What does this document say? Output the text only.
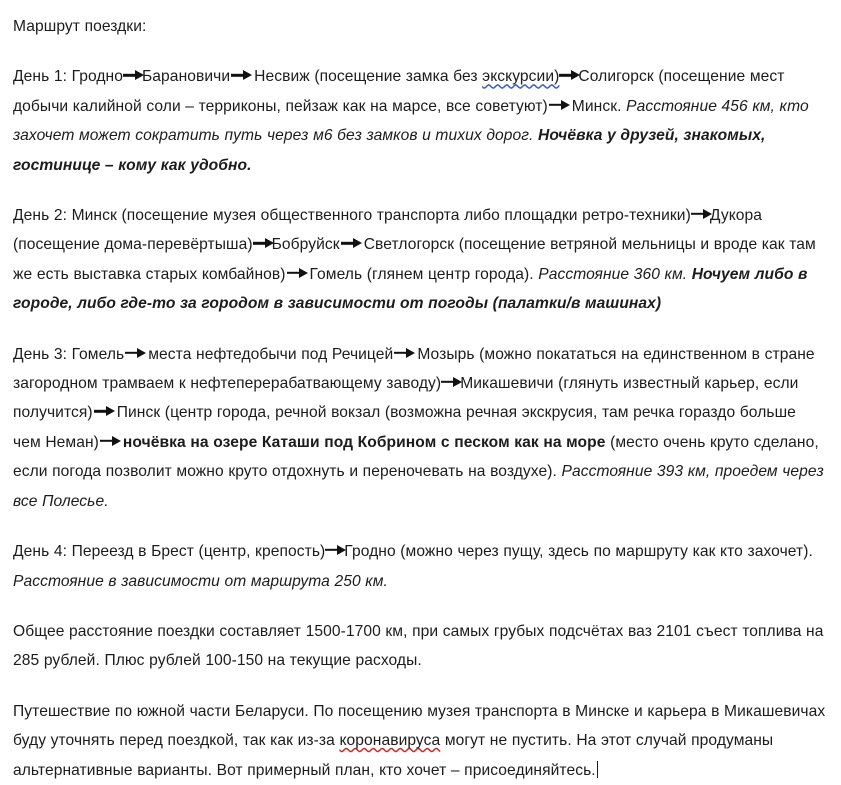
Маршрут поездки:

День 1: Гродно Барановичи Несвиж (посещение замка без экскурсии) Солигорск (посещение мест добычи калийной соли – терриконы, пейзаж как на марсе, все советуют) Минск. Расстояние 456 км, кто захочет может сократить путь через м6 без замков и тихих дорог. Ночёвка у друзей, знакомых, гостинице – кому как удобно.

День 2: Минск (посещение музея общественного транспорта либо площадки ретро-техники) Дукора (посещение дома-перевёртыша) Бобруйск Светлогорск (посещение ветряной мельницы и вроде как там же есть выставка старых комбайнов) Гомель (глянем центр города). Расстояние 360 км. Ночуем либо в городе, либо где-то за городом в зависимости от погоды (палатки/в машинах)

День 3: Гомель места нефтедобычи под Речицей Мозырь (можно покататься на единственном в стране загородном трамваем к нефтеперерабатвающему заводу) Микашевичи (глянуть известный карьер, если получится) Пинск (центр города, речной вокзал (возможна речная экскрусия, там речка гораздо больше чем Неман) ночёвка на озере Каташи под Кобрином с песком как на море (место очень круто сделано, если погода позволит можно круто отдохнуть и переночевать на воздухе). Расстояние 393 км, проедем через все Полесье.

День 4: Переезд в Брест (центр, крепость) Гродно (можно через пущу, здесь по маршруту как кто захочет). Расстояние в зависимости от маршрута 250 км.

Общее расстояние поездки составляет 1500-1700 км, при самых грубых подсчётах ваз 2101 съест топлива на 285 рублей. Плюс рублей 100-150 на текущие расходы.

Путешествие по южной части Беларуси. По посещению музея транспорта в Минске и карьера в Микашевичах буду уточнять перед поездкой, так как из-за коронавируса могут не пустить. На этот случай продуманы альтернативные варианты. Вот примерный план, кто хочет – присоединяйтесь.
